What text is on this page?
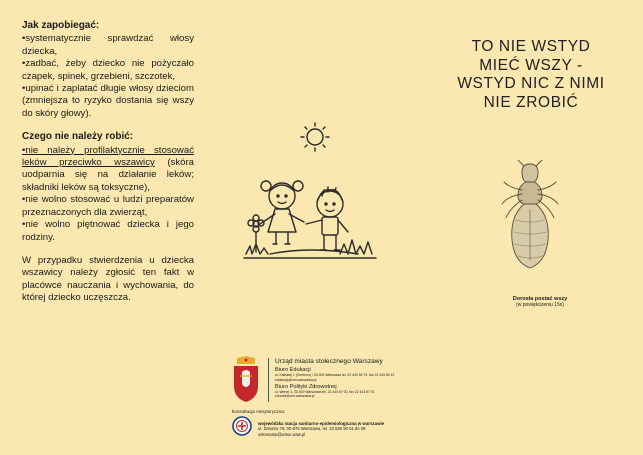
Jak zapobiegać:

•systematycznie sprawdzać włosy dziecka,

•zadbać, żeby dziecko nie pożyczało czapek, spinek, grzebieni, szczotek,

•upinać i zaplatać długie włosy dzieciom (zmniejsza to ryzyko dostania się wszy do skóry głowy).

Czego nie należy robić:

•nie należy profilaktycznie stosować leków przeciwko wszawicy (skóra uodparnia się na działanie leków; składniki leków są toksyczne),

•nie wolno stosować u ludzi preparatów przeznaczonych dla zwierząt,

•nie wolno piętnować dziecka i jego rodziny.

W przypadku stwierdzenia u dziecka wszawicy należy zgłosić ten fakt w placówce nauczania i wychowania, do której dziecko uczęszcza.

TO NIE WSTYD
MIEĆ WSZY -
WSTYD NIC Z NIMI
NIE ZROBIĆ
Dorosła postać wszy
(w powiększeniu 15x)
Urząd miasta stołecznego Warszawy
Biuro Edukacji
ul. Kaliskiej 1 (Centrum) / 00-003 Warszawa tel. 22 443 55 75, fax 22 443 55 12
edukacja@um.warszawa.pl
Biuro Polityki Zdrowotnej
ul. Wenet 1, 00-019 Warszawa tel. 22 443 87 00, fax 22 443 87 01
zdrowie@um.warszawa.pl
konsultacja merytoryczna:
wojewódzka stacja sanitarno-epidemiologiczna w warszawie
ul. Żelazna 79, 00-875 Warszawa, tel. 22 620 90 01 do 06
sekretariat@wsse.waw.pl
